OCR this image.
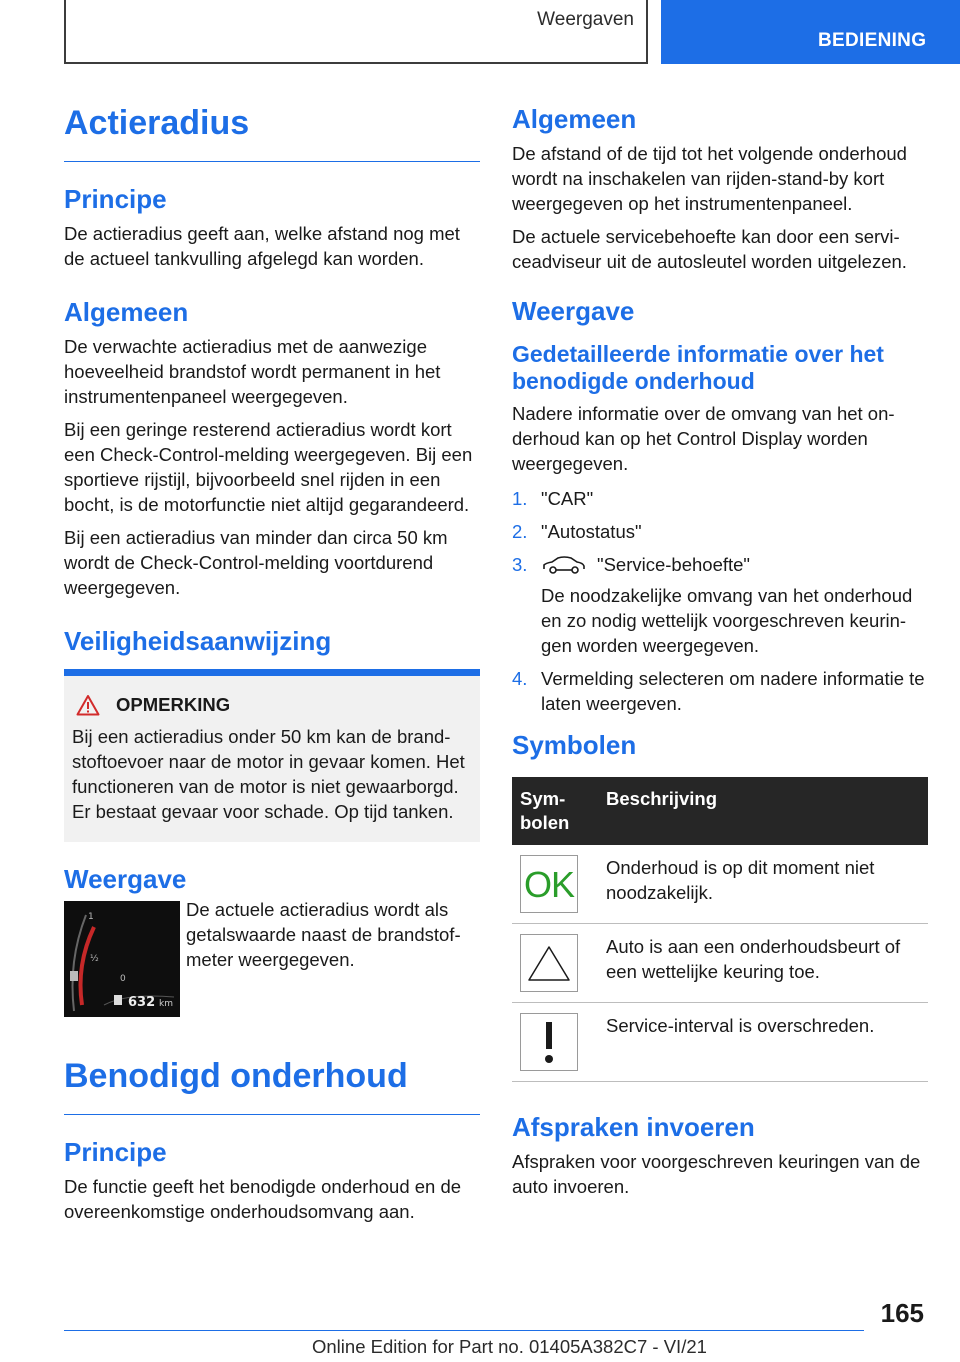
Weergaven
BEDIENING
Actieradius
Principe

De actieradius geeft aan, welke afstand nog met de actueel tankvulling afgelegd kan worden.

Algemeen

De verwachte actieradius met de aanwezige hoeveelheid brandstof wordt permanent in het instrumentenpaneel weergegeven.

Bij een geringe resterend actieradius wordt kort een Check-Control-melding weergegeven. Bij een sportieve rijstijl, bijvoorbeeld snel rijden in een bocht, is de motorfunctie niet altijd gegarandeerd.

Bij een actieradius van minder dan circa 50 km wordt de Check-Control-melding voortdurend weergegeven.

Veiligheidsaanwijzing
OPMERKING

Bij een actieradius onder 50 km kan de brandstoftoevoer naar de motor in gevaar komen. Het functioneren van de motor is niet gewaarborgd. Er bestaat gevaar voor schade. Op tijd tanken.

Weergave
1
½
0
632 km

De actuele actieradius wordt als getalswaarde naast de brandstofmeter weergegeven.

Benodigd onderhoud
Principe

De functie geeft het benodigde onderhoud en de overeenkomstige onderhoudsomvang aan.

Algemeen

De afstand of de tijd tot het volgende onderhoud wordt na inschakelen van rijden-stand-by kort weergegeven op het instrumentenpaneel.

De actuele servicebehoefte kan door een serviceadviseur uit de autosleutel worden uitgelezen.

Weergave
Gedetailleerde informatie over het benodigde onderhoud

Nadere informatie over de omvang van het onderhoud kan op het Control Display worden weergegeven.

1. "CAR"
2. "Autostatus"
3.	"Service-behoefte"
De noodzakelijke omvang van het onderhoud en zo nodig wettelijk voorgeschreven keuringen worden weergegeven.
4. Vermelding selecteren om nadere informatie te laten weergeven.
Symbolen
Symbolen	Beschrijving

OK	Onderhoud is op dit moment niet noodzakelijk.

	Auto is aan een onderhoudsbeurt of een wettelijke keuring toe.

	Service-interval is overschreden.
Afspraken invoeren

Afspraken voor voorgeschreven keuringen van de auto invoeren.

165
Online Edition for Part no. 01405A382C7 - VI/21
